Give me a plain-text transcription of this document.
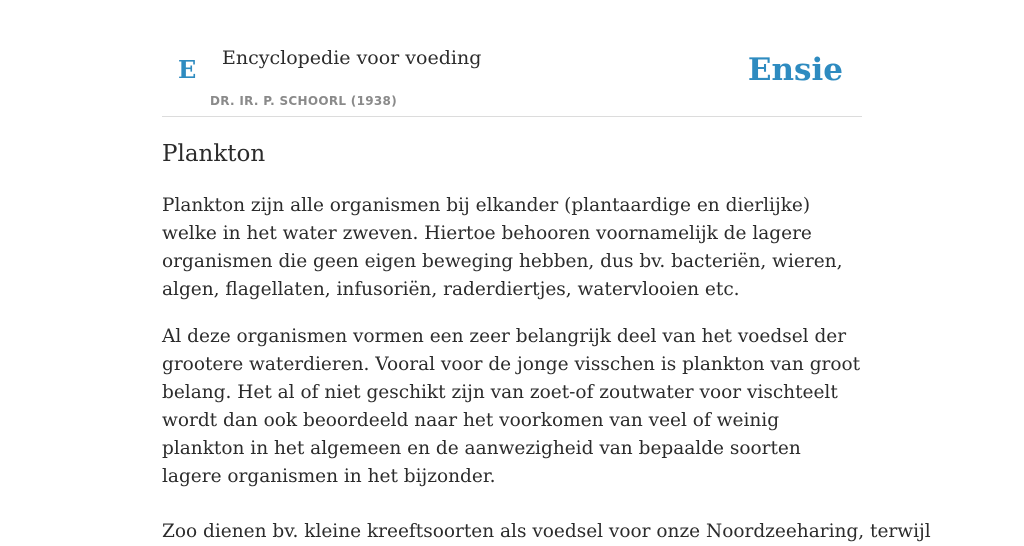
E Encyclopedie voor voeding
DR. IR. P. SCHOORL (1938)
Ensie
Plankton

Plankton zijn alle organismen bij elkander (plantaardige en dierlijke) welke in het water zweven. Hiertoe behooren voornamelijk de lagere organismen die geen eigen beweging hebben, dus bv. bacteriën, wieren, algen, flagellaten, infusoriën, raderdiertjes, watervlooien etc.

Al deze organismen vormen een zeer belangrijk deel van het voedsel der grootere waterdieren. Vooral voor de jonge visschen is plankton van groot belang. Het al of niet geschikt zijn van zoet-of zoutwater voor vischteelt wordt dan ook beoordeeld naar het voorkomen van veel of weinig plankton in het algemeen en de aanwezigheid van bepaalde soorten lagere organismen in het bijzonder.

Zoo dienen bv. kleine kreeftsoorten als voedsel voor onze Noordzeeharing, terwijl
